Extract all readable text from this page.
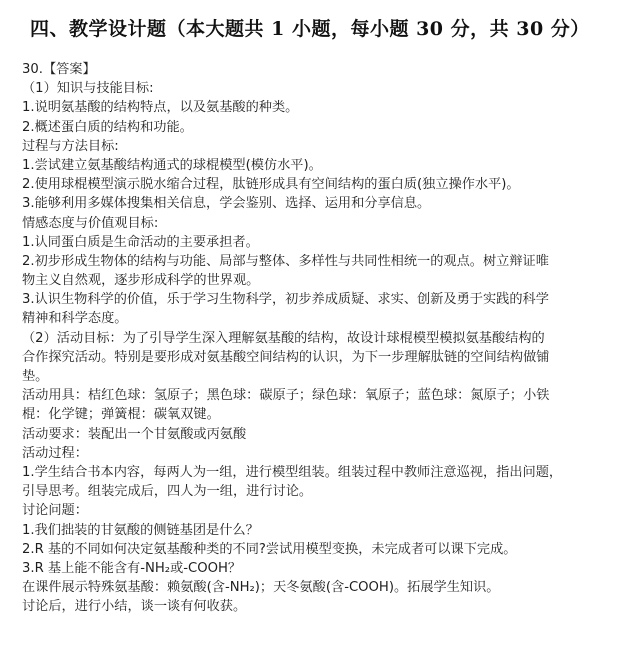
四、教学设计题（本大题共 1 小题，每小题 30 分，共 30 分）
30.【答案】
（1）知识与技能目标:
1.说明氨基酸的结构特点，以及氨基酸的种类。
2.概述蛋白质的结构和功能。
过程与方法目标:
1.尝试建立氨基酸结构通式的球棍模型(模仿水平)。
2.使用球棍模型演示脱水缩合过程，肽链形成具有空间结构的蛋白质(独立操作水平)。
3.能够利用多媒体搜集相关信息，学会鉴别、选择、运用和分享信息。
情感态度与价值观目标:
1.认同蛋白质是生命活动的主要承担者。
2.初步形成生物体的结构与功能、局部与整体、多样性与共同性相统一的观点。树立辩证唯
物主义自然观，逐步形成科学的世界观。
3.认识生物科学的价值，乐于学习生物科学，初步养成质疑、求实、创新及勇于实践的科学
精神和科学态度。
（2）活动目标：为了引导学生深入理解氨基酸的结构，故设计球棍模型模拟氨基酸结构的
合作探究活动。特别是要形成对氨基酸空间结构的认识，为下一步理解肽链的空间结构做铺
垫。
活动用具：桔红色球：氢原子；黑色球：碳原子；绿色球：氧原子；蓝色球：氮原子；小铁
棍：化学键；弹簧棍：碳氧双键。
活动要求：装配出一个甘氨酸或丙氨酸
活动过程：
1.学生结合书本内容，每两人为一组，进行模型组装。组装过程中教师注意巡视，指出问题，
引导思考。组装完成后，四人为一组，进行讨论。
讨论问题：
1.我们拙装的甘氨酸的侧链基团是什么？
2.R 基的不同如何决定氨基酸种类的不同?尝试用模型变换，未完成者可以课下完成。
3.R 基上能不能含有-NH₂或-COOH？
在课件展示特殊氨基酸：赖氨酸(含-NH₂)；天冬氨酸(含-COOH)。拓展学生知识。
讨论后，进行小结，谈一谈有何收获。
